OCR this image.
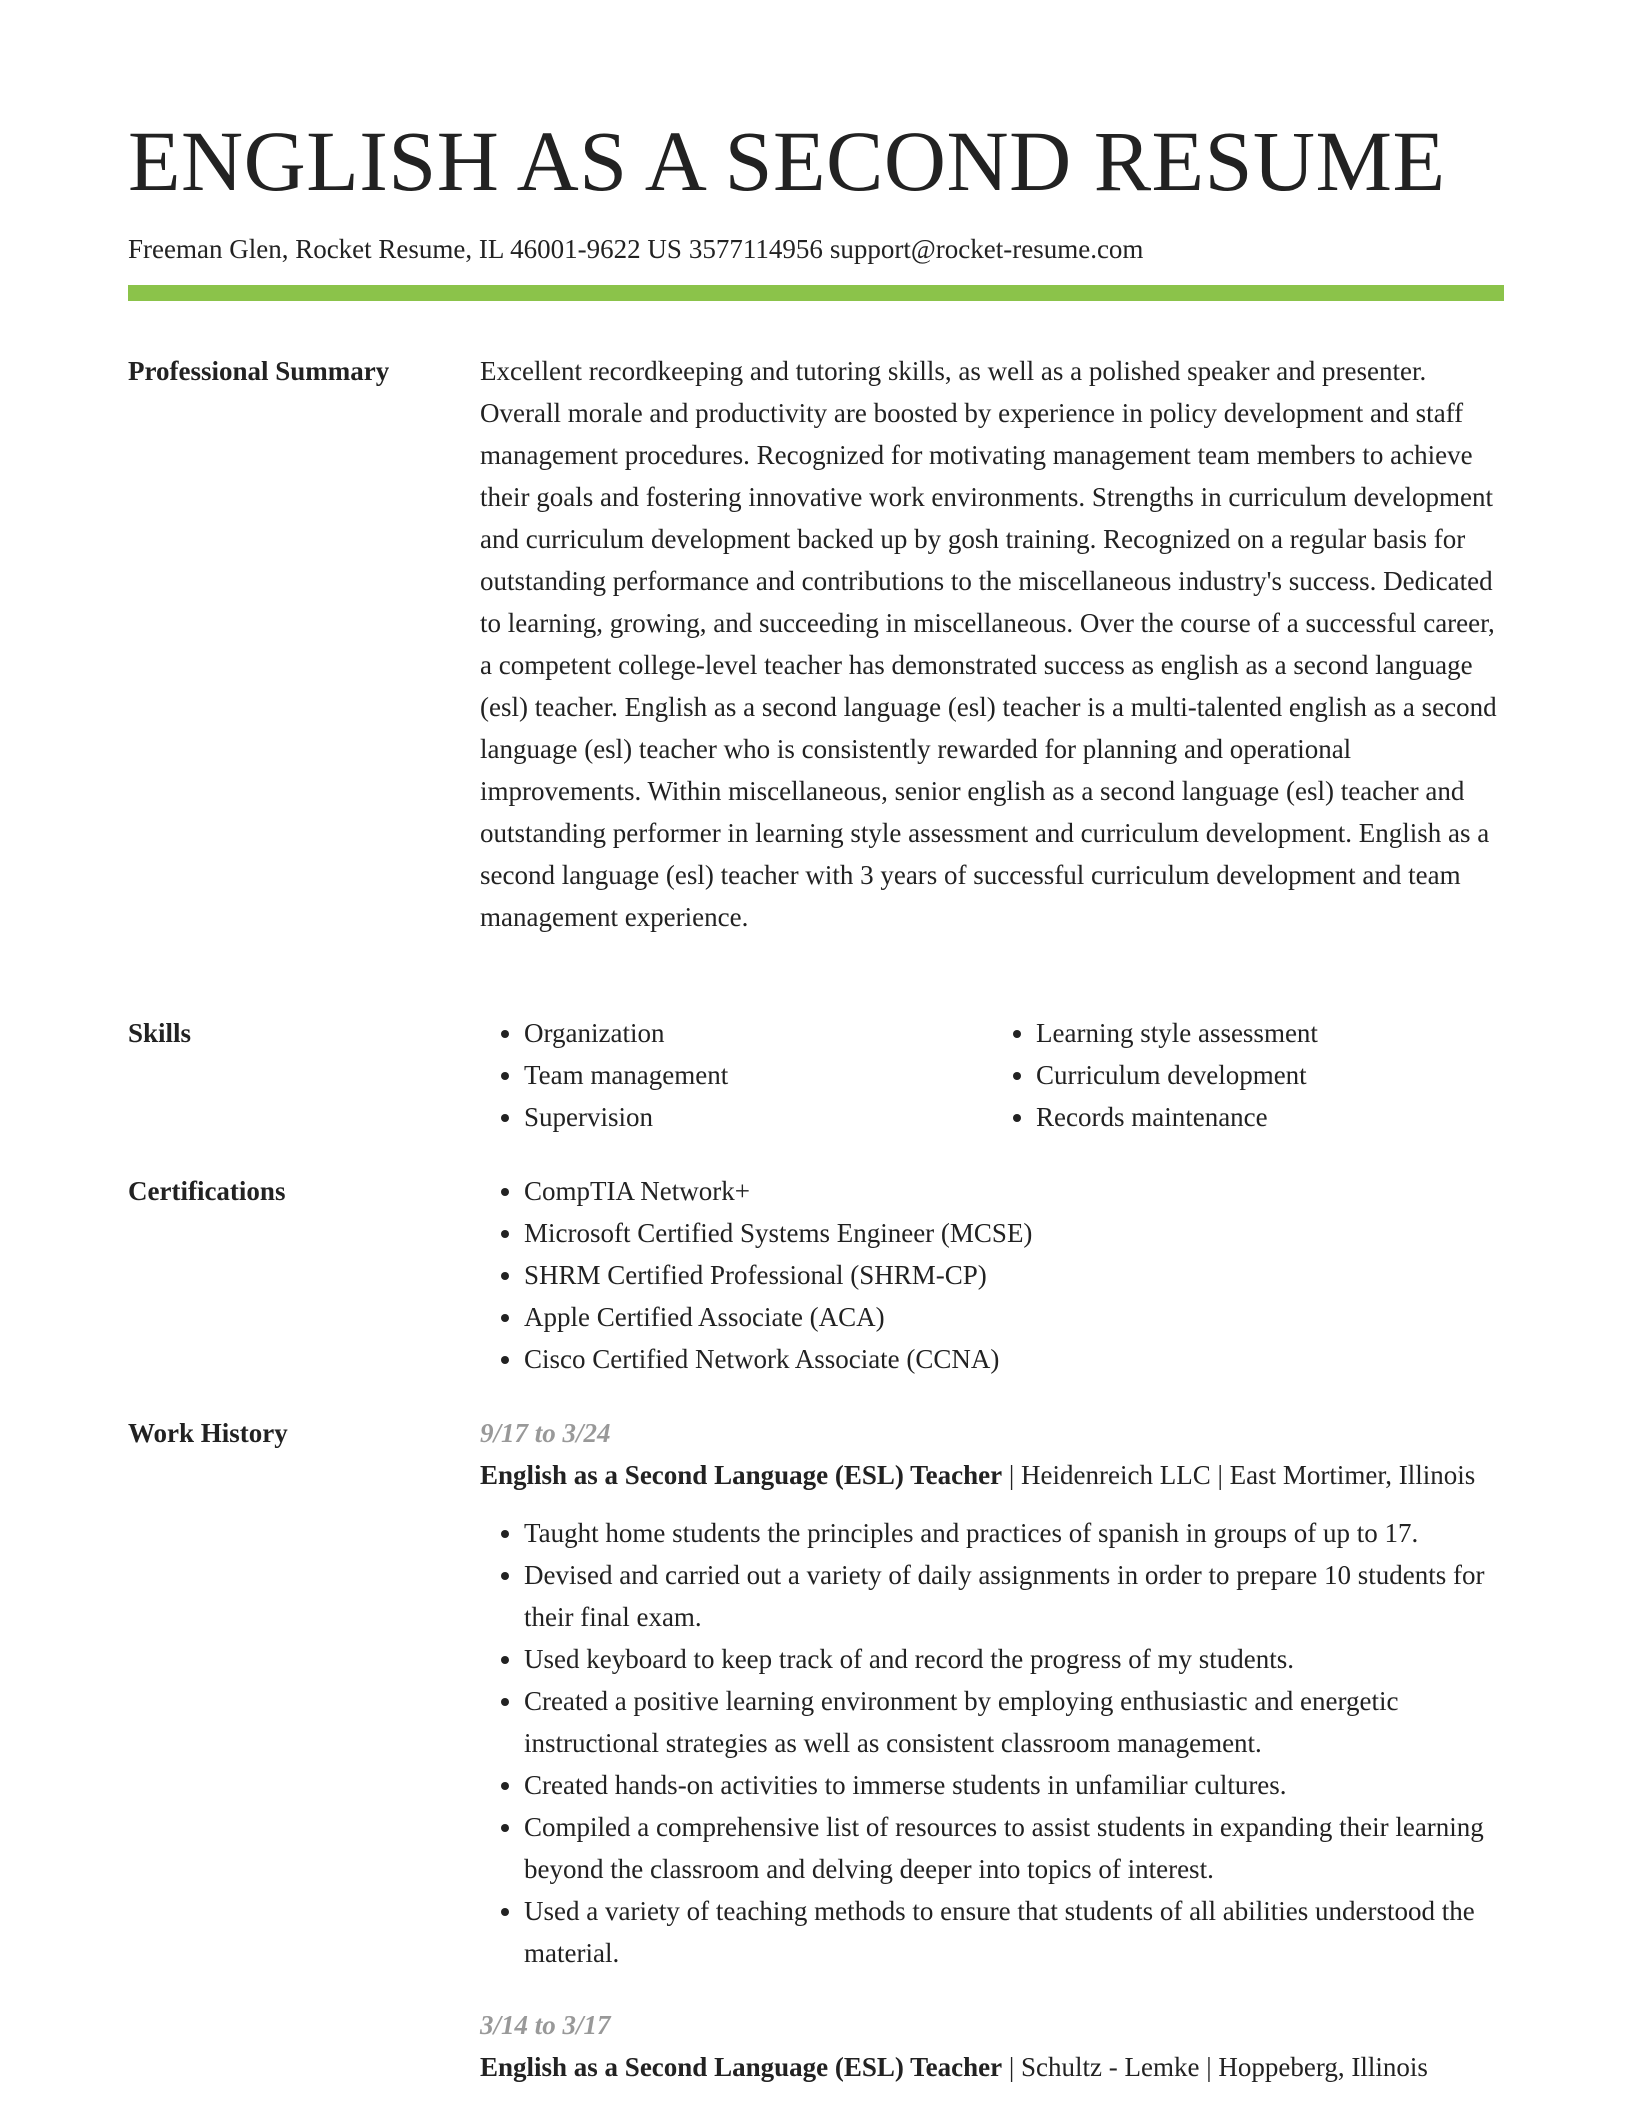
ENGLISH AS A SECOND RESUME
Freeman Glen, Rocket Resume, IL 46001-9622 US 3577114956 support@rocket-resume.com
Professional Summary	Excellent recordkeeping and tutoring skills, as well as a polished speaker and presenter. Overall morale and productivity are boosted by experience in policy development and staff management procedures. Recognized for motivating management team members to achieve their goals and fostering innovative work environments. Strengths in curriculum development and curriculum development backed up by gosh training. Recognized on a regular basis for outstanding performance and contributions to the miscellaneous industry's success. Dedicated to learning, growing, and succeeding in miscellaneous. Over the course of a successful career, a competent college-level teacher has demonstrated success as english as a second language (esl) teacher. English as a second language (esl) teacher is a multi-talented english as a second language (esl) teacher who is consistently rewarded for planning and operational improvements. Within miscellaneous, senior english as a second language (esl) teacher and outstanding performer in learning style assessment and curriculum development. English as a second language (esl) teacher with 3 years of successful curriculum development and team management experience.

Skills	• Organization
• Team management
• Supervision
• Learning style assessment
• Curriculum development
• Records maintenance
Certifications	• CompTIA Network+
• Microsoft Certified Systems Engineer (MCSE)
• SHRM Certified Professional (SHRM-CP)
• Apple Certified Associate (ACA)
• Cisco Certified Network Associate (CCNA)
Work History	9/17 to 3/24
English as a Second Language (ESL) Teacher | Heidenreich LLC | East Mortimer, Illinois
• Taught home students the principles and practices of spanish in groups of up to 17.
• Devised and carried out a variety of daily assignments in order to prepare 10 students for their final exam.
• Used keyboard to keep track of and record the progress of my students.
• Created a positive learning environment by employing enthusiastic and energetic instructional strategies as well as consistent classroom management.
• Created hands-on activities to immerse students in unfamiliar cultures.
• Compiled a comprehensive list of resources to assist students in expanding their learning beyond the classroom and delving deeper into topics of interest.
• Used a variety of teaching methods to ensure that students of all abilities understood the material.
3/14 to 3/17
English as a Second Language (ESL) Teacher | Schultz - Lemke | Hoppeberg, Illinois
